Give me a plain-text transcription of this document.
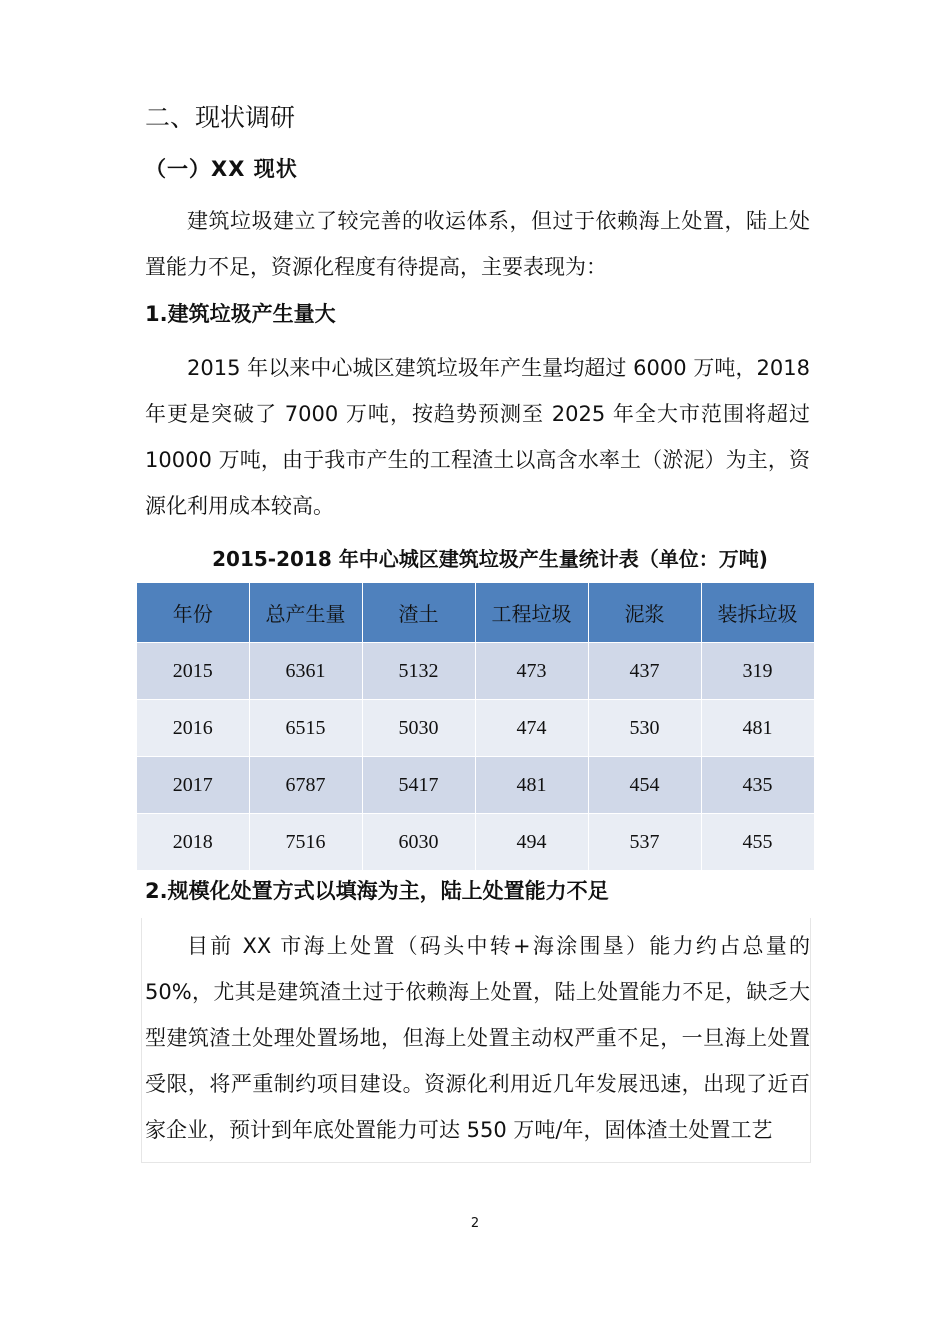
二、现状调研
（一）XX 现状

建筑垃圾建立了较完善的收运体系，但过于依赖海上处置，陆上处置能力不足，资源化程度有待提高，主要表现为：

1.建筑垃圾产生量大

2015 年以来中心城区建筑垃圾年产生量均超过 6000 万吨，2018 年更是突破了 7000 万吨，按趋势预测至 2025 年全大市范围将超过 10000 万吨，由于我市产生的工程渣土以高含水率土（淤泥）为主，资源化利用成本较高。

2015-2018 年中心城区建筑垃圾产生量统计表（单位：万吨)
年份	总产生量	渣土	工程垃圾	泥浆	装拆垃圾
2015	6361	5132	473	437	319
2016	6515	5030	474	530	481
2017	6787	5417	481	454	435
2018	7516	6030	494	537	455
2.规模化处置方式以填海为主，陆上处置能力不足

目前 XX 市海上处置（码头中转+海涂围垦）能力约占总量的 50%，尤其是建筑渣土过于依赖海上处置，陆上处置能力不足，缺乏大型建筑渣土处理处置场地，但海上处置主动权严重不足，一旦海上处置受限，将严重制约项目建设。资源化利用近几年发展迅速，出现了近百家企业，预计到年底处置能力可达 550 万吨/年，固体渣土处置工艺

2
